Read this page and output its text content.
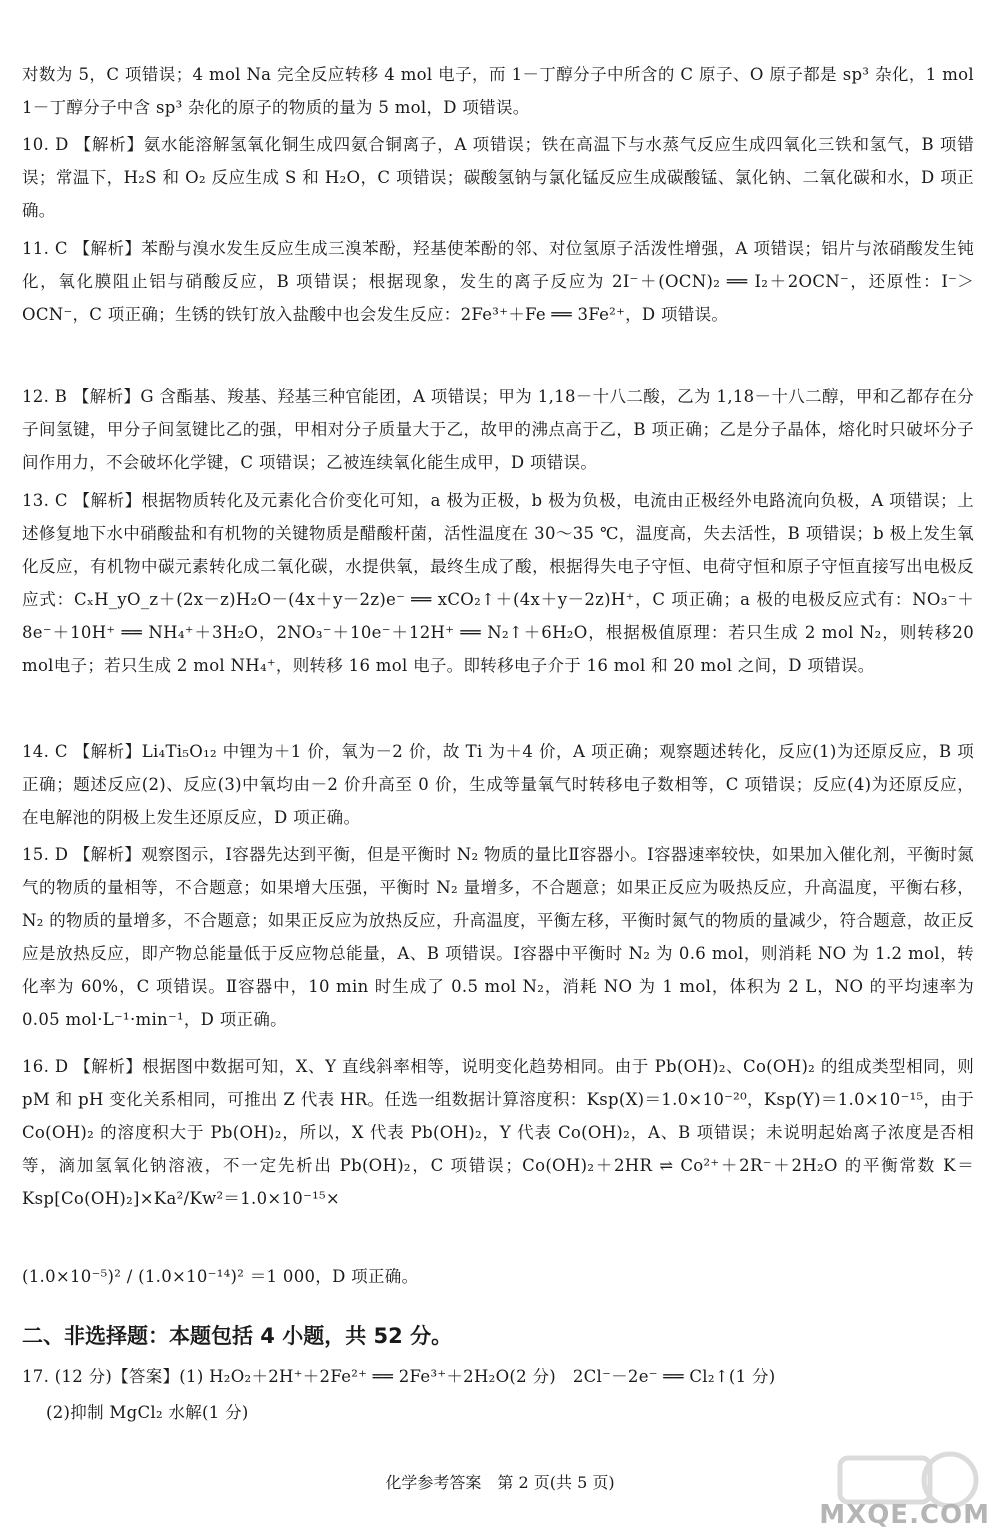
对数为 5，C 项错误；4 mol Na 完全反应转移 4 mol 电子，而 1－丁醇分子中所含的 C 原子、O 原子都是 sp³ 杂化，1 mol 1－丁醇分子中含 sp³ 杂化的原子的物质的量为 5 mol，D 项错误。

10. D 【解析】氨水能溶解氢氧化铜生成四氨合铜离子，A 项错误；铁在高温下与水蒸气反应生成四氧化三铁和氢气，B 项错误；常温下，H₂S 和 O₂ 反应生成 S 和 H₂O，C 项错误；碳酸氢钠与氯化锰反应生成碳酸锰、氯化钠、二氧化碳和水，D 项正确。

11. C 【解析】苯酚与溴水发生反应生成三溴苯酚，羟基使苯酚的邻、对位氢原子活泼性增强，A 项错误；铝片与浓硝酸发生钝化，氧化膜阻止铝与硝酸反应，B 项错误；根据现象，发生的离子反应为 2I⁻＋(OCN)₂ ══ I₂＋2OCN⁻，还原性：I⁻＞OCN⁻，C 项正确；生锈的铁钉放入盐酸中也会发生反应：2Fe³⁺＋Fe ══ 3Fe²⁺，D 项错误。

12. B 【解析】G 含酯基、羧基、羟基三种官能团，A 项错误；甲为 1,18－十八二酸，乙为 1,18－十八二醇，甲和乙都存在分子间氢键，甲分子间氢键比乙的强，甲相对分子质量大于乙，故甲的沸点高于乙，B 项正确；乙是分子晶体，熔化时只破坏分子间作用力，不会破坏化学键，C 项错误；乙被连续氧化能生成甲，D 项错误。

13. C 【解析】根据物质转化及元素化合价变化可知，a 极为正极，b 极为负极，电流由正极经外电路流向负极，A 项错误；上述修复地下水中硝酸盐和有机物的关键物质是醋酸杆菌，活性温度在 30～35 ℃，温度高，失去活性，B 项错误；b 极上发生氧化反应，有机物中碳元素转化成二氧化碳，水提供氧，最终生成了酸，根据得失电子守恒、电荷守恒和原子守恒直接写出电极反应式：CₓH_yO_z＋(2x－z)H₂O－(4x＋y－2z)e⁻ ══ xCO₂↑＋(4x＋y－2z)H⁺，C 项正确；a 极的电极反应式有：NO₃⁻＋8e⁻＋10H⁺ ══ NH₄⁺＋3H₂O，2NO₃⁻＋10e⁻＋12H⁺ ══ N₂↑＋6H₂O，根据极值原理：若只生成 2 mol N₂，则转移20 mol电子；若只生成 2 mol NH₄⁺，则转移 16 mol 电子。即转移电子介于 16 mol 和 20 mol 之间，D 项错误。

14. C 【解析】Li₄Ti₅O₁₂ 中锂为＋1 价，氧为－2 价，故 Ti 为＋4 价，A 项正确；观察题述转化，反应(1)为还原反应，B 项正确；题述反应(2)、反应(3)中氧均由－2 价升高至 0 价，生成等量氧气时转移电子数相等，C 项错误；反应(4)为还原反应，在电解池的阴极上发生还原反应，D 项正确。

15. D 【解析】观察图示，Ⅰ容器先达到平衡，但是平衡时 N₂ 物质的量比Ⅱ容器小。Ⅰ容器速率较快，如果加入催化剂，平衡时氮气的物质的量相等，不合题意；如果增大压强，平衡时 N₂ 量增多，不合题意；如果正反应为吸热反应，升高温度，平衡右移，N₂ 的物质的量增多，不合题意；如果正反应为放热反应，升高温度，平衡左移，平衡时氮气的物质的量减少，符合题意，故正反应是放热反应，即产物总能量低于反应物总能量，A、B 项错误。Ⅰ容器中平衡时 N₂ 为 0.6 mol，则消耗 NO 为 1.2 mol，转化率为 60%，C 项错误。Ⅱ容器中，10 min 时生成了 0.5 mol N₂，消耗 NO 为 1 mol，体积为 2 L，NO 的平均速率为 0.05 mol·L⁻¹·min⁻¹，D 项正确。

16. D 【解析】根据图中数据可知，X、Y 直线斜率相等，说明变化趋势相同。由于 Pb(OH)₂、Co(OH)₂ 的组成类型相同，则 pM 和 pH 变化关系相同，可推出 Z 代表 HR。任选一组数据计算溶度积：Ksp(X)＝1.0×10⁻²⁰，Ksp(Y)＝1.0×10⁻¹⁵，由于 Co(OH)₂ 的溶度积大于 Pb(OH)₂，所以，X 代表 Pb(OH)₂，Y 代表 Co(OH)₂，A、B 项错误；未说明起始离子浓度是否相等，滴加氢氧化钠溶液，不一定先析出 Pb(OH)₂，C 项错误；Co(OH)₂＋2HR ⇌ Co²⁺＋2R⁻＋2H₂O 的平衡常数 K＝Ksp[Co(OH)₂]×Ka²/Kw²＝1.0×10⁻¹⁵×

(1.0×10⁻⁵)² / (1.0×10⁻¹⁴)² ＝1 000，D 项正确。

二、非选择题：本题包括 4 小题，共 52 分。

17. (12 分)【答案】(1) H₂O₂＋2H⁺＋2Fe²⁺ ══ 2Fe³⁺＋2H₂O(2 分)　2Cl⁻－2e⁻ ══ Cl₂↑(1 分)

(2)抑制 MgCl₂ 水解(1 分)

化学参考答案　第 2 页(共 5 页)
MXQE.COM
